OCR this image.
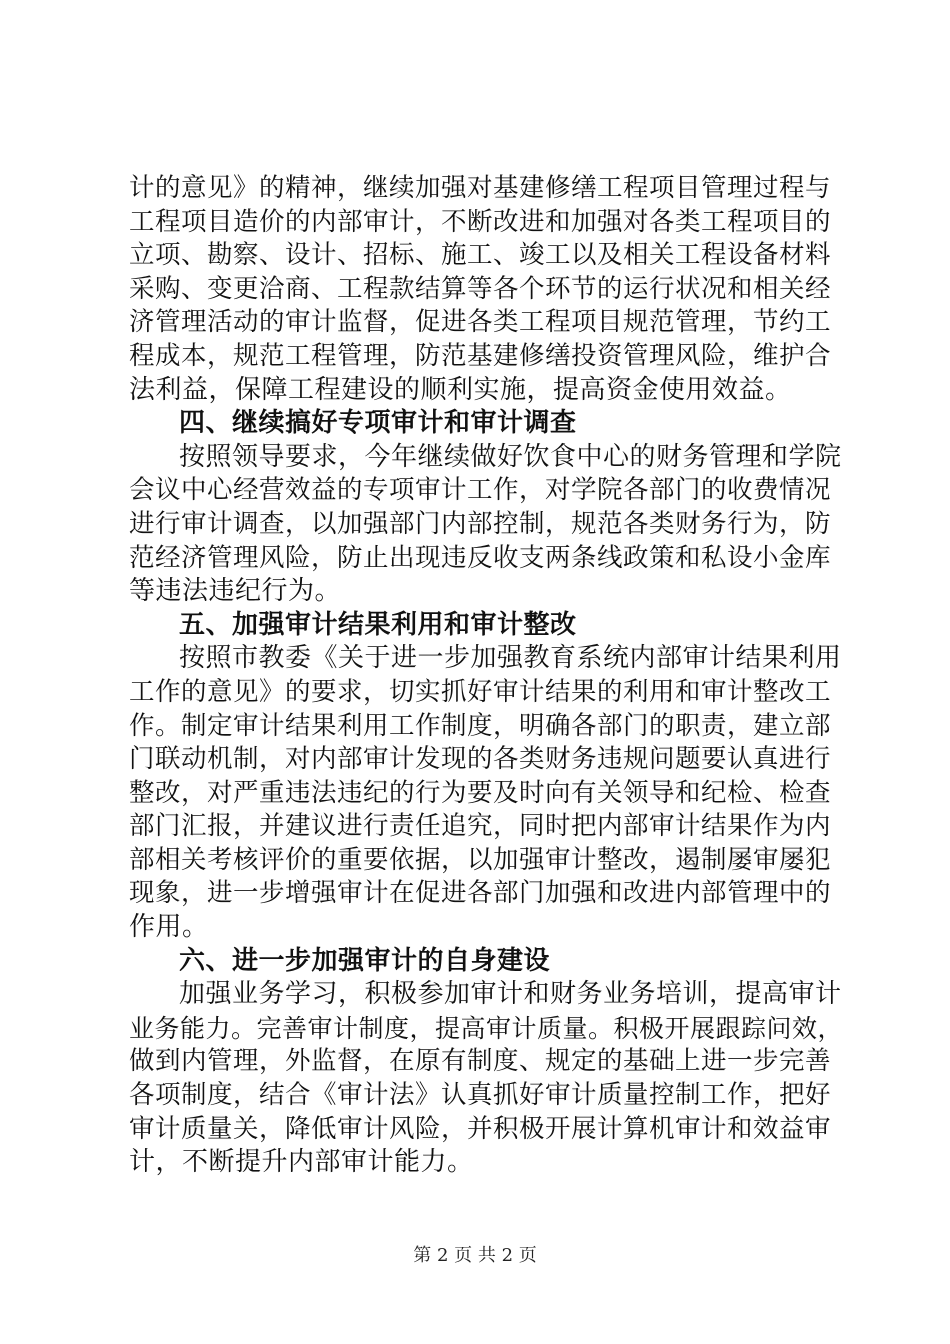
计的意见》的精神，继续加强对基建修缮工程项目管理过程与
工程项目造价的内部审计，不断改进和加强对各类工程项目的
立项、勘察、设计、招标、施工、竣工以及相关工程设备材料
采购、变更洽商、工程款结算等各个环节的运行状况和相关经
济管理活动的审计监督，促进各类工程项目规范管理，节约工
程成本，规范工程管理，防范基建修缮投资管理风险，维护合
法利益，保障工程建设的顺利实施，提高资金使用效益。
四、继续搞好专项审计和审计调查
按照领导要求，今年继续做好饮食中心的财务管理和学院
会议中心经营效益的专项审计工作，对学院各部门的收费情况
进行审计调查，以加强部门内部控制，规范各类财务行为，防
范经济管理风险，防止出现违反收支两条线政策和私设小金库
等违法违纪行为。
五、加强审计结果利用和审计整改
按照市教委《关于进一步加强教育系统内部审计结果利用
工作的意见》的要求，切实抓好审计结果的利用和审计整改工
作。制定审计结果利用工作制度，明确各部门的职责，建立部
门联动机制，对内部审计发现的各类财务违规问题要认真进行
整改，对严重违法违纪的行为要及时向有关领导和纪检、检查
部门汇报，并建议进行责任追究，同时把内部审计结果作为内
部相关考核评价的重要依据，以加强审计整改，遏制屡审屡犯
现象，进一步增强审计在促进各部门加强和改进内部管理中的
作用。
六、进一步加强审计的自身建设
加强业务学习，积极参加审计和财务业务培训，提高审计
业务能力。完善审计制度，提高审计质量。积极开展跟踪问效，
做到内管理，外监督，在原有制度、规定的基础上进一步完善
各项制度，结合《审计法》认真抓好审计质量控制工作，把好
审计质量关，降低审计风险，并积极开展计算机审计和效益审
计，不断提升内部审计能力。
第 2 页 共 2 页
